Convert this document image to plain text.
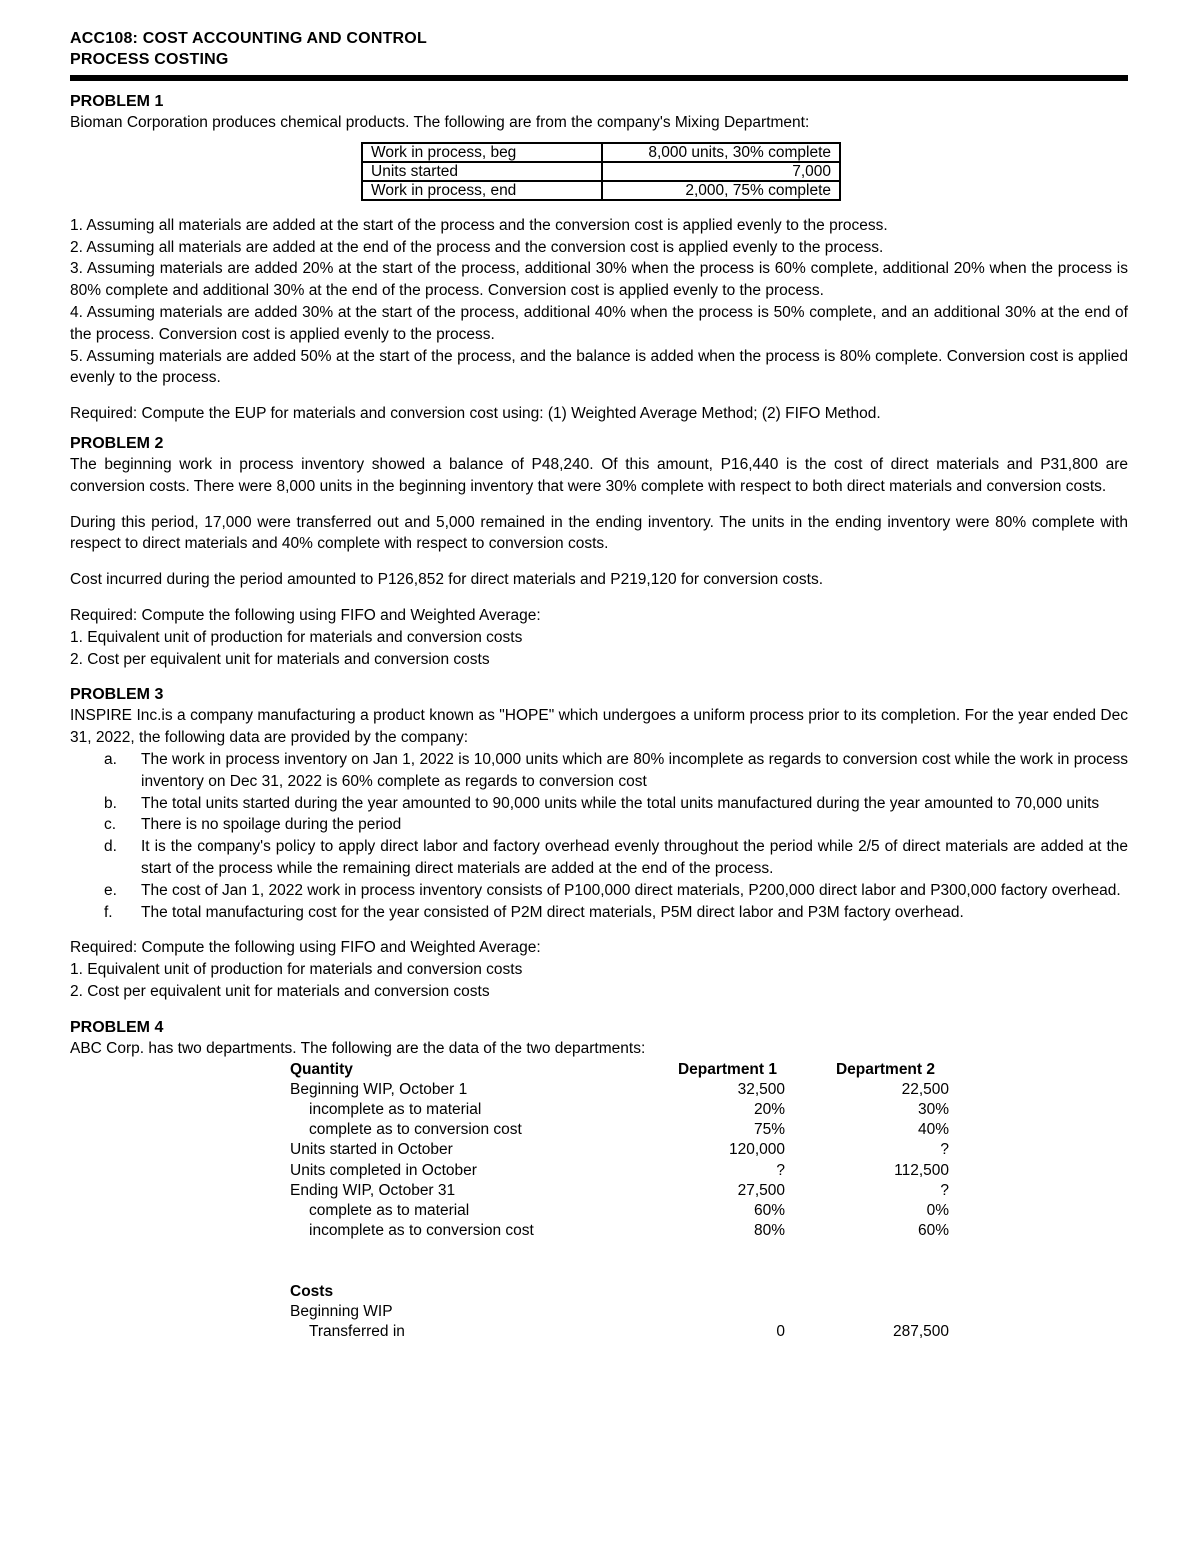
ACC108: COST ACCOUNTING AND CONTROL
PROCESS COSTING
PROBLEM 1
Bioman Corporation produces chemical products. The following are from the company's Mixing Department:
Work in process, beg	8,000 units, 30% complete
Units started	7,000
Work in process, end	2,000, 75% complete
1. Assuming all materials are added at the start of the process and the conversion cost is applied evenly to the process.
2. Assuming all materials are added at the end of the process and the conversion cost is applied evenly to the process.
3. Assuming materials are added 20% at the start of the process, additional 30% when the process is 60% complete, additional 20% when the process is 80% complete and additional 30% at the end of the process. Conversion cost is applied evenly to the process.
4. Assuming materials are added 30% at the start of the process, additional 40% when the process is 50% complete, and an additional 30% at the end of the process. Conversion cost is applied evenly to the process.
5. Assuming materials are added 50% at the start of the process, and the balance is added when the process is 80% complete. Conversion cost is applied evenly to the process.
Required: Compute the EUP for materials and conversion cost using: (1) Weighted Average Method; (2) FIFO Method.
PROBLEM 2
The beginning work in process inventory showed a balance of P48,240. Of this amount, P16,440 is the cost of direct materials and P31,800 are conversion costs. There were 8,000 units in the beginning inventory that were 30% complete with respect to both direct materials and conversion costs.
During this period, 17,000 were transferred out and 5,000 remained in the ending inventory. The units in the ending inventory were 80% complete with respect to direct materials and 40% complete with respect to conversion costs.
Cost incurred during the period amounted to P126,852 for direct materials and P219,120 for conversion costs.
Required: Compute the following using FIFO and Weighted Average:
1. Equivalent unit of production for materials and conversion costs
2. Cost per equivalent unit for materials and conversion costs
PROBLEM 3
INSPIRE Inc.is a company manufacturing a product known as "HOPE" which undergoes a uniform process prior to its completion. For the year ended Dec 31, 2022, the following data are provided by the company:
a.	The work in process inventory on Jan 1, 2022 is 10,000 units which are 80% incomplete as regards to conversion cost while the work in process inventory on Dec 31, 2022 is 60% complete as regards to conversion cost
b.	The total units started during the year amounted to 90,000 units while the total units manufactured during the year amounted to 70,000 units
c.	There is no spoilage during the period
d.	It is the company's policy to apply direct labor and factory overhead evenly throughout the period while 2/5 of direct materials are added at the start of the process while the remaining direct materials are added at the end of the process.
e.	The cost of Jan 1, 2022 work in process inventory consists of P100,000 direct materials, P200,000 direct labor and P300,000 factory overhead.
f.	The total manufacturing cost for the year consisted of P2M direct materials, P5M direct labor and P3M factory overhead.
Required: Compute the following using FIFO and Weighted Average:
1. Equivalent unit of production for materials and conversion costs
2. Cost per equivalent unit for materials and conversion costs
PROBLEM 4
ABC Corp. has two departments. The following are the data of the two departments:
Quantity	Department 1	Department 2
Beginning WIP, October 1	32,500	22,500
incomplete as to material	20%	30%
complete as to conversion cost	75%	40%
Units started in October	120,000	?
Units completed in October	?	112,500
Ending WIP, October 31	27,500	?
complete as to material	60%	0%
incomplete as to conversion cost	80%	60%

Costs		
Beginning WIP		
Transferred in	0	287,500
